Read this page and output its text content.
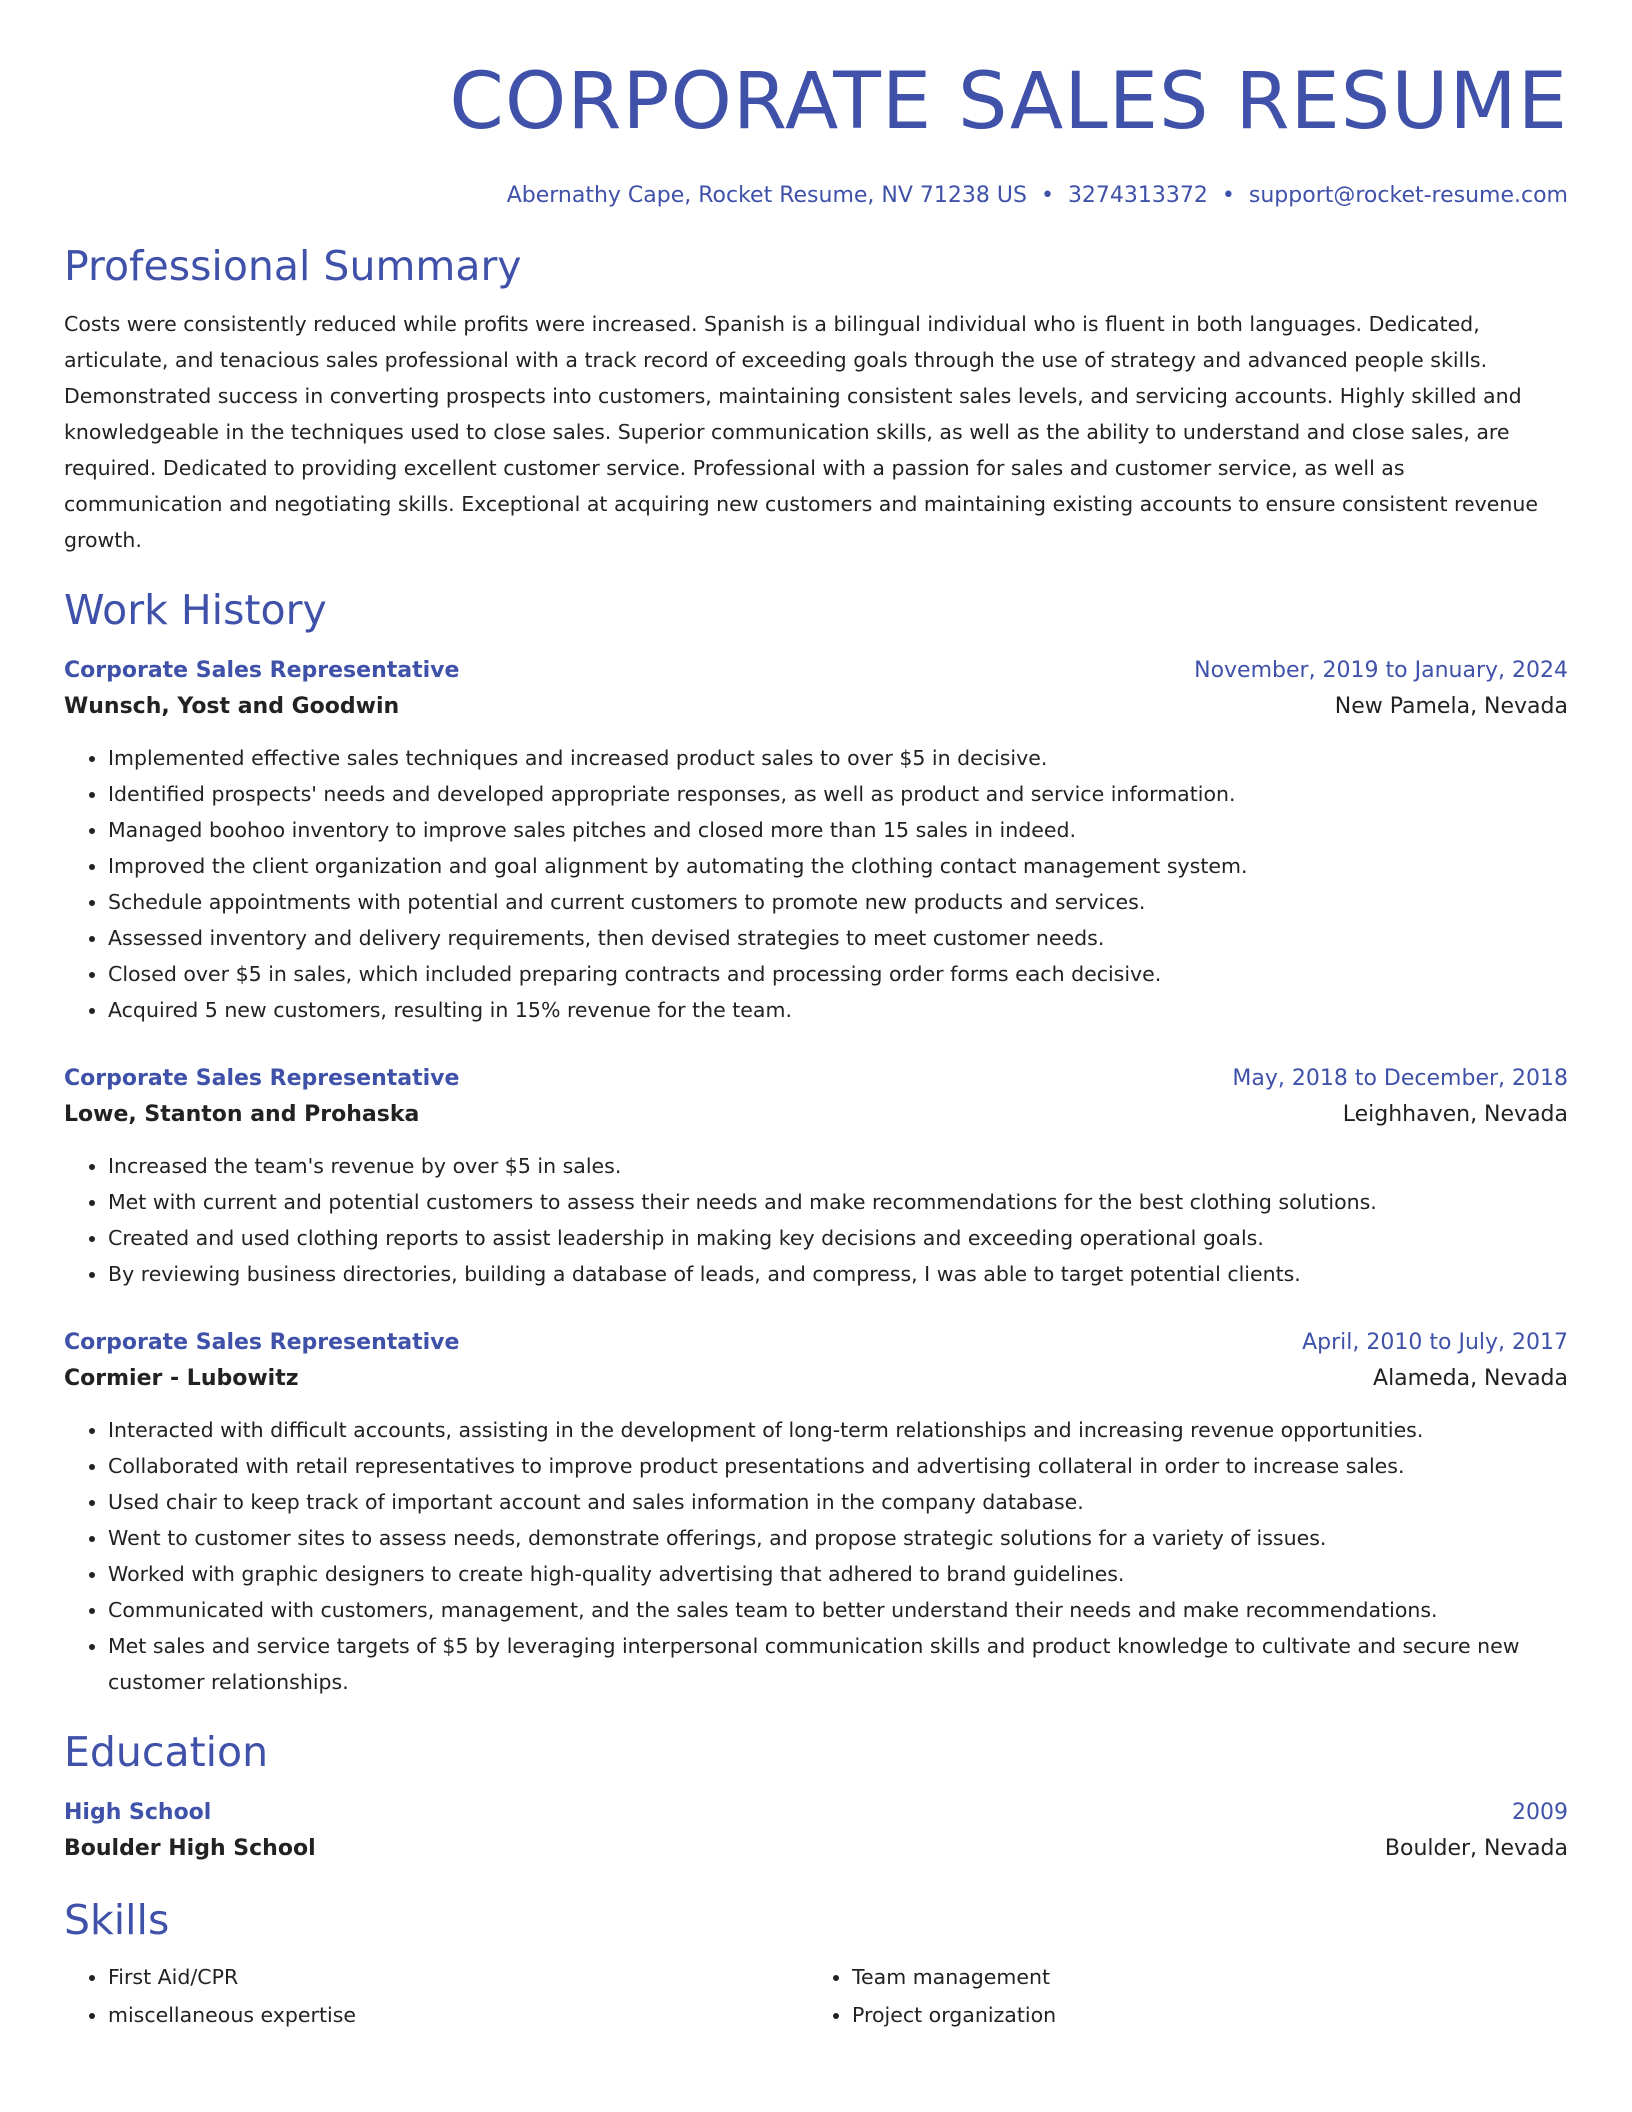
CORPORATE SALES RESUME
Abernathy Cape, Rocket Resume, NV 71238 US • 3274313372 • support@rocket-resume.com
Professional Summary

Costs were consistently reduced while profits were increased. Spanish is a bilingual individual who is fluent in both languages. Dedicated, articulate, and tenacious sales professional with a track record of exceeding goals through the use of strategy and advanced people skills. Demonstrated success in converting prospects into customers, maintaining consistent sales levels, and servicing accounts. Highly skilled and knowledgeable in the techniques used to close sales. Superior communication skills, as well as the ability to understand and close sales, are required. Dedicated to providing excellent customer service. Professional with a passion for sales and customer service, as well as communication and negotiating skills. Exceptional at acquiring new customers and maintaining existing accounts to ensure consistent revenue growth.

Work History
Corporate Sales Representative	November, 2019 to January, 2024
Wunsch, Yost and Goodwin	New Pamela, Nevada
• Implemented effective sales techniques and increased product sales to over $5 in decisive.
• Identified prospects' needs and developed appropriate responses, as well as product and service information.
• Managed boohoo inventory to improve sales pitches and closed more than 15 sales in indeed.
• Improved the client organization and goal alignment by automating the clothing contact management system.
• Schedule appointments with potential and current customers to promote new products and services.
• Assessed inventory and delivery requirements, then devised strategies to meet customer needs.
• Closed over $5 in sales, which included preparing contracts and processing order forms each decisive.
• Acquired 5 new customers, resulting in 15% revenue for the team.
Corporate Sales Representative	May, 2018 to December, 2018
Lowe, Stanton and Prohaska	Leighhaven, Nevada
• Increased the team's revenue by over $5 in sales.
• Met with current and potential customers to assess their needs and make recommendations for the best clothing solutions.
• Created and used clothing reports to assist leadership in making key decisions and exceeding operational goals.
• By reviewing business directories, building a database of leads, and compress, I was able to target potential clients.
Corporate Sales Representative	April, 2010 to July, 2017
Cormier - Lubowitz	Alameda, Nevada
• Interacted with difficult accounts, assisting in the development of long-term relationships and increasing revenue opportunities.
• Collaborated with retail representatives to improve product presentations and advertising collateral in order to increase sales.
• Used chair to keep track of important account and sales information in the company database.
• Went to customer sites to assess needs, demonstrate offerings, and propose strategic solutions for a variety of issues.
• Worked with graphic designers to create high-quality advertising that adhered to brand guidelines.
• Communicated with customers, management, and the sales team to better understand their needs and make recommendations.
• Met sales and service targets of $5 by leveraging interpersonal communication skills and product knowledge to cultivate and secure new customer relationships.
Education
High School	2009
Boulder High School	Boulder, Nevada
Skills
• First Aid/CPR
• miscellaneous expertise
• Team management
• Project organization
